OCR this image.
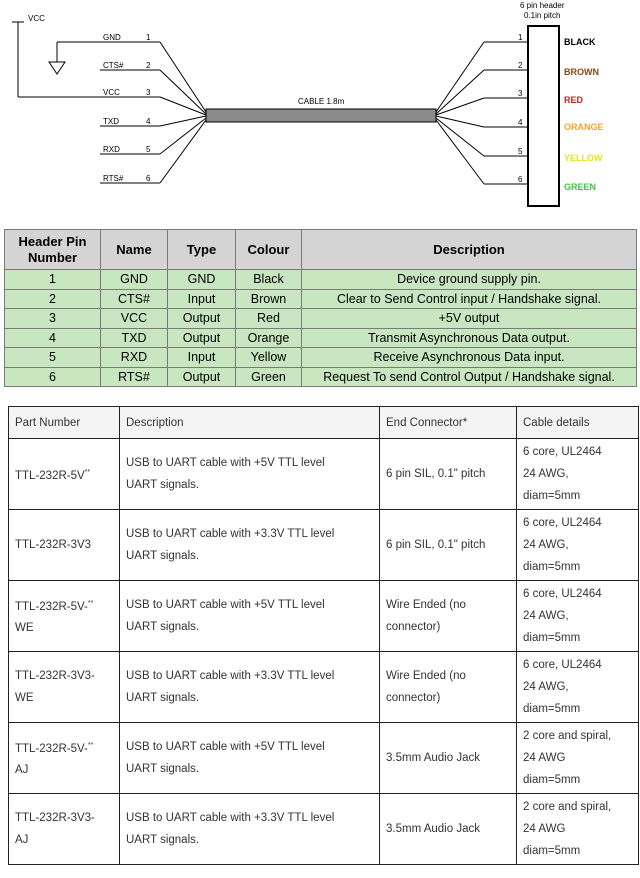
VCC
CABLE 1.8m
6 pin header
0.1in pitch
GND	1
CTS#	2
VCC	3
TXD	4
RXD	5
RTS#	6
1	BLACK
2
BROWN
3
RED
4	ORANGE
5
YELLOW
6
GREEN
Header Pin Number	Name	Type	Colour	Description
1	GND	GND	Black	Device ground supply pin.
2	CTS#	Input	Brown	Clear to Send Control input / Handshake signal.
3	VCC	Output	Red	+5V output
4	TXD	Output	Orange	Transmit Asynchronous Data output.
5	RXD	Input	Yellow	Receive Asynchronous Data input.
6	RTS#	Output	Green	Request To send Control Output / Handshake signal.
Part Number	Description	End Connector*	Cable details

TTL-232R-5V**	USB to UART cable with +5V TTL level
UART signals.	6 pin SIL, 0.1" pitch	6 core, UL2464
24 AWG,
diam=5mm

TTL-232R-3V3	USB to UART cable with +3.3V TTL level
UART signals.	6 pin SIL, 0.1" pitch	6 core, UL2464
24 AWG,
diam=5mm

TTL-232R-5V-**

WE	USB to UART cable with +5V TTL level
UART signals.	Wire Ended (no
connector)	6 core, UL2464
24 AWG,
diam=5mm

TTL-232R-3V3-
WE	USB to UART cable with +3.3V TTL level
UART signals.	Wire Ended (no
connector)	6 core, UL2464
24 AWG,
diam=5mm

TTL-232R-5V-**

AJ	USB to UART cable with +5V TTL level
UART signals.	3.5mm Audio Jack	2 core and spiral,
24 AWG
diam=5mm

TTL-232R-3V3-
AJ	USB to UART cable with +3.3V TTL level
UART signals.	3.5mm Audio Jack	2 core and spiral,
24 AWG
diam=5mm
